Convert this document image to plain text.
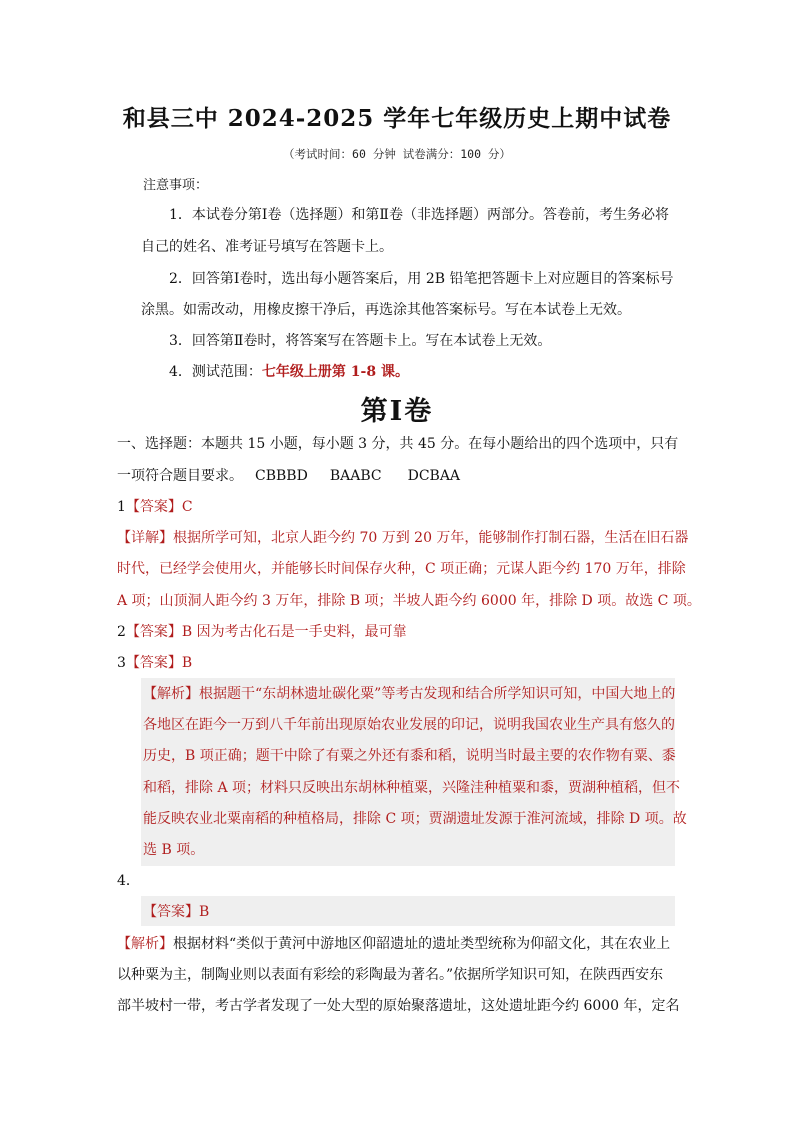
和县三中 2024-2025 学年七年级历史上期中试卷
（考试时间：60 分钟 试卷满分：100 分）
注意事项：
1．本试卷分第Ⅰ卷（选择题）和第Ⅱ卷（非选择题）两部分。答卷前，考生务必将
自己的姓名、准考证号填写在答题卡上。
2．回答第Ⅰ卷时，选出每小题答案后，用 2B 铅笔把答题卡上对应题目的答案标号
涂黑。如需改动，用橡皮擦干净后，再选涂其他答案标号。写在本试卷上无效。
3．回答第Ⅱ卷时，将答案写在答题卡上。写在本试卷上无效。
4．测试范围：七年级上册第 1-8 课。
第Ⅰ卷
一、选择题：本题共 15 小题，每小题 3 分，共 45 分。在每小题给出的四个选项中，只有
一项符合题目要求。 CBBBD BAABC DCBAA
1【答案】C
【详解】根据所学可知，北京人距今约 70 万到 20 万年，能够制作打制石器，生活在旧石器
时代，已经学会使用火，并能够长时间保存火种，C 项正确；元谋人距今约 170 万年，排除
A 项；山顶洞人距今约 3 万年，排除 B 项；半坡人距今约 6000 年，排除 D 项。故选 C 项。
2【答案】B 因为考古化石是一手史料，最可靠
3【答案】B
【解析】根据题干“东胡林遗址碳化粟”等考古发现和结合所学知识可知，中国大地上的
各地区在距今一万到八千年前出现原始农业发展的印记，说明我国农业生产具有悠久的
历史，B 项正确；题干中除了有粟之外还有黍和稻，说明当时最主要的农作物有粟、黍
和稻，排除 A 项；材料只反映出东胡林种植粟，兴隆洼种植粟和黍，贾湖种植稻，但不
能反映农业北粟南稻的种植格局，排除 C 项；贾湖遗址发源于淮河流域，排除 D 项。故
选 B 项。
4．
【答案】B
【解析】根据材料“类似于黄河中游地区仰韶遗址的遗址类型统称为仰韶文化，其在农业上
以种粟为主，制陶业则以表面有彩绘的彩陶最为著名。”依据所学知识可知，在陕西西安东
部半坡村一带，考古学者发现了一处大型的原始聚落遗址，这处遗址距今约 6000 年，定名
